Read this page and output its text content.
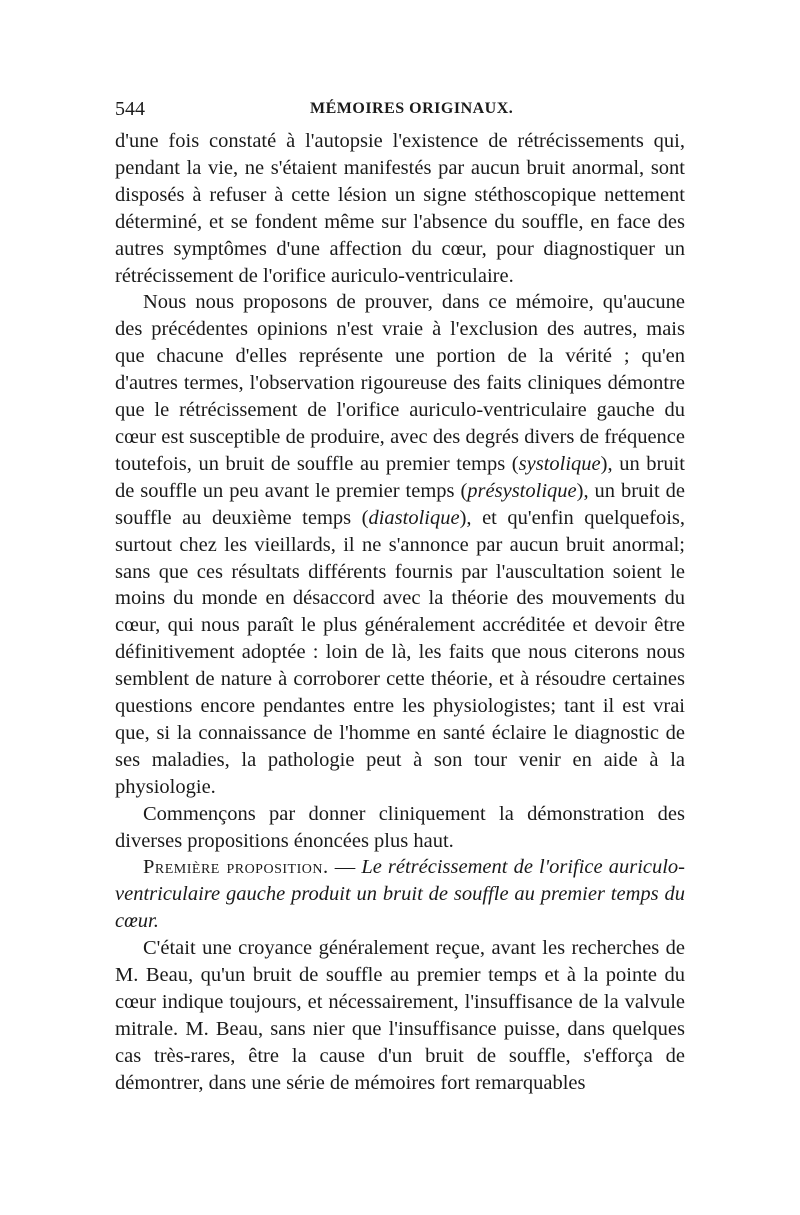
544	MÉMOIRES ORIGINAUX.

d'une fois constaté à l'autopsie l'existence de rétrécissements qui, pendant la vie, ne s'étaient manifestés par aucun bruit anormal, sont disposés à refuser à cette lésion un signe stéthoscopique nettement déterminé, et se fondent même sur l'absence du souffle, en face des autres symptômes d'une affection du cœur, pour diagnostiquer un rétrécissement de l'orifice auriculo-ventriculaire.

Nous nous proposons de prouver, dans ce mémoire, qu'aucune des précédentes opinions n'est vraie à l'exclusion des autres, mais que chacune d'elles représente une portion de la vérité ; qu'en d'autres termes, l'observation rigoureuse des faits cliniques démontre que le rétrécissement de l'orifice auriculo-ventriculaire gauche du cœur est susceptible de produire, avec des degrés divers de fréquence toutefois, un bruit de souffle au premier temps (systolique), un bruit de souffle un peu avant le premier temps (présystolique), un bruit de souffle au deuxième temps (diastolique), et qu'enfin quelquefois, surtout chez les vieillards, il ne s'annonce par aucun bruit anormal; sans que ces résultats différents fournis par l'auscultation soient le moins du monde en désaccord avec la théorie des mouvements du cœur, qui nous paraît le plus généralement accréditée et devoir être définitivement adoptée : loin de là, les faits que nous citerons nous semblent de nature à corroborer cette théorie, et à résoudre certaines questions encore pendantes entre les physiologistes; tant il est vrai que, si la connaissance de l'homme en santé éclaire le diagnostic de ses maladies, la pathologie peut à son tour venir en aide à la physiologie.

Commençons par donner cliniquement la démonstration des diverses propositions énoncées plus haut.

Première proposition. — Le rétrécissement de l'orifice auriculo-ventriculaire gauche produit un bruit de souffle au premier temps du cœur.

C'était une croyance généralement reçue, avant les recherches de M. Beau, qu'un bruit de souffle au premier temps et à la pointe du cœur indique toujours, et nécessairement, l'insuffisance de la valvule mitrale. M. Beau, sans nier que l'insuffisance puisse, dans quelques cas très-rares, être la cause d'un bruit de souffle, s'efforça de démontrer, dans une série de mémoires fort remarquables
